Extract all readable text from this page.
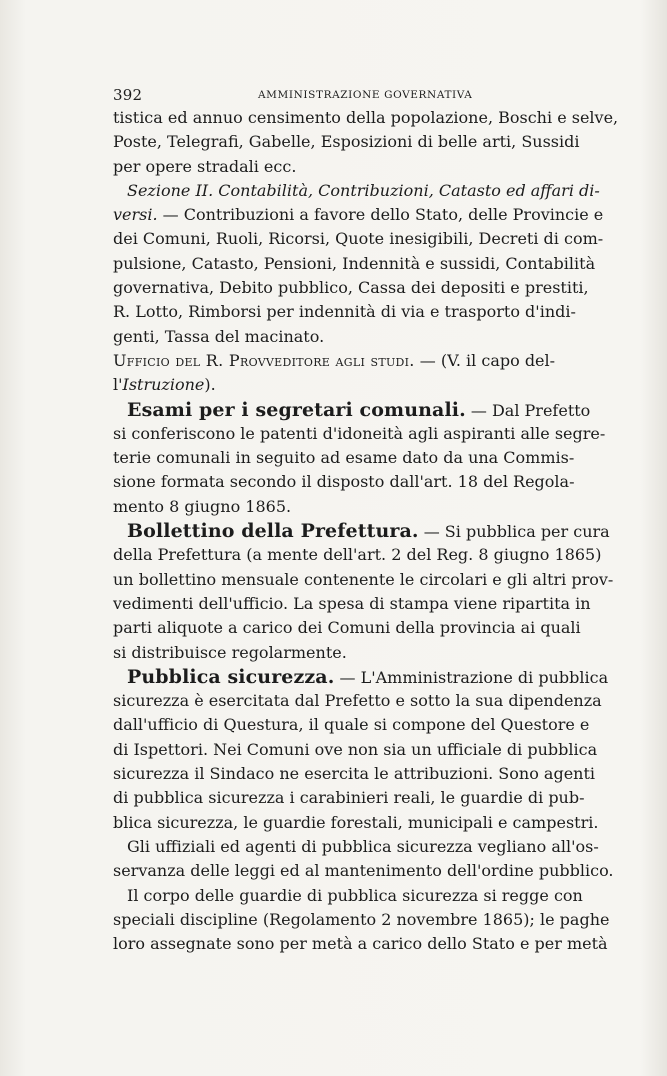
392	AMMINISTRAZIONE GOVERNATIVA
tistica ed annuo censimento della popolazione, Boschi e selve,
Poste, Telegrafi, Gabelle, Esposizioni di belle arti, Sussidi
per opere stradali ecc.
Sezione II. Contabilità, Contribuzioni, Catasto ed affari di-
versi. — Contribuzioni a favore dello Stato, delle Provincie e
dei Comuni, Ruoli, Ricorsi, Quote inesigibili, Decreti di com-
pulsione, Catasto, Pensioni, Indennità e sussidi, Contabilità
governativa, Debito pubblico, Cassa dei depositi e prestiti,
R. Lotto, Rimborsi per indennità di via e trasporto d'indi-
genti, Tassa del macinato.
Ufficio del R. Provveditore agli studi. — (V. il capo del-
l'Istruzione).
Esami per i segretari comunali. — Dal Prefetto
si conferiscono le patenti d'idoneità agli aspiranti alle segre-
terie comunali in seguito ad esame dato da una Commis-
sione formata secondo il disposto dall'art. 18 del Regola-
mento 8 giugno 1865.
Bollettino della Prefettura. — Si pubblica per cura
della Prefettura (a mente dell'art. 2 del Reg. 8 giugno 1865)
un bollettino mensuale contenente le circolari e gli altri prov-
vedimenti dell'ufficio. La spesa di stampa viene ripartita in
parti aliquote a carico dei Comuni della provincia ai quali
si distribuisce regolarmente.
Pubblica sicurezza. — L'Amministrazione di pubblica
sicurezza è esercitata dal Prefetto e sotto la sua dipendenza
dall'ufficio di Questura, il quale si compone del Questore e
di Ispettori. Nei Comuni ove non sia un ufficiale di pubblica
sicurezza il Sindaco ne esercita le attribuzioni. Sono agenti
di pubblica sicurezza i carabinieri reali, le guardie di pub-
blica sicurezza, le guardie forestali, municipali e campestri.
Gli uffiziali ed agenti di pubblica sicurezza vegliano all'os-
servanza delle leggi ed al mantenimento dell'ordine pubblico.
Il corpo delle guardie di pubblica sicurezza si regge con
speciali discipline (Regolamento 2 novembre 1865); le paghe
loro assegnate sono per metà a carico dello Stato e per metà
